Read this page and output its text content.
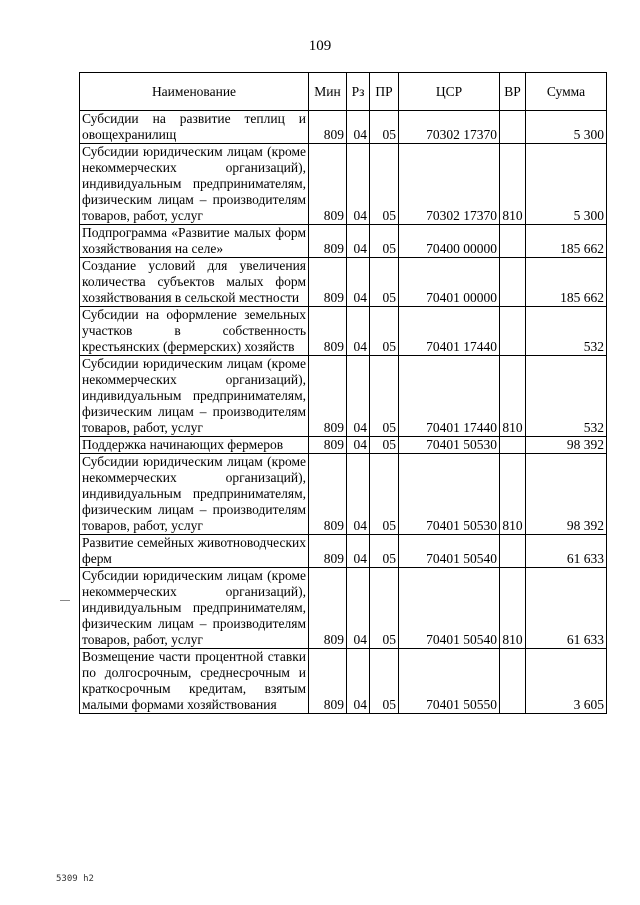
109
Наименование	Мин	Рз	ПР	ЦСР	ВР	Сумма
Субсидии на развитие теплиц и овощехранилищ	809	04	05	70302 17370		5 300
Субсидии юридическим лицам (кроме некоммерческих организаций), индивидуальным предпринимателям, физическим лицам – производителям товаров, работ, услуг	809	04	05	70302 17370	810	5 300
Подпрограмма «Развитие малых форм хозяйствования на селе»	809	04	05	70400 00000		185 662
Создание условий для увеличения количества субъектов малых форм хозяйствования в сельской местности	809	04	05	70401 00000		185 662
Субсидии на оформление земельных участков в собственность крестьянских (фермерских) хозяйств	809	04	05	70401 17440		532
Субсидии юридическим лицам (кроме некоммерческих организаций), индивидуальным предпринимателям, физическим лицам – производителям товаров, работ, услуг	809	04	05	70401 17440	810	532
Поддержка начинающих фермеров	809	04	05	70401 50530		98 392
Субсидии юридическим лицам (кроме некоммерческих организаций), индивидуальным предпринимателям, физическим лицам – производителям товаров, работ, услуг	809	04	05	70401 50530	810	98 392
Развитие семейных животноводческих ферм	809	04	05	70401 50540		61 633
Субсидии юридическим лицам (кроме некоммерческих организаций), индивидуальным предпринимателям, физическим лицам – производителям товаров, работ, услуг	809	04	05	70401 50540	810	61 633
Возмещение части процентной ставки по долгосрочным, среднесрочным и краткосрочным кредитам, взятым малыми формами хозяйствования	809	04	05	70401 50550		3 605
5309 h2
